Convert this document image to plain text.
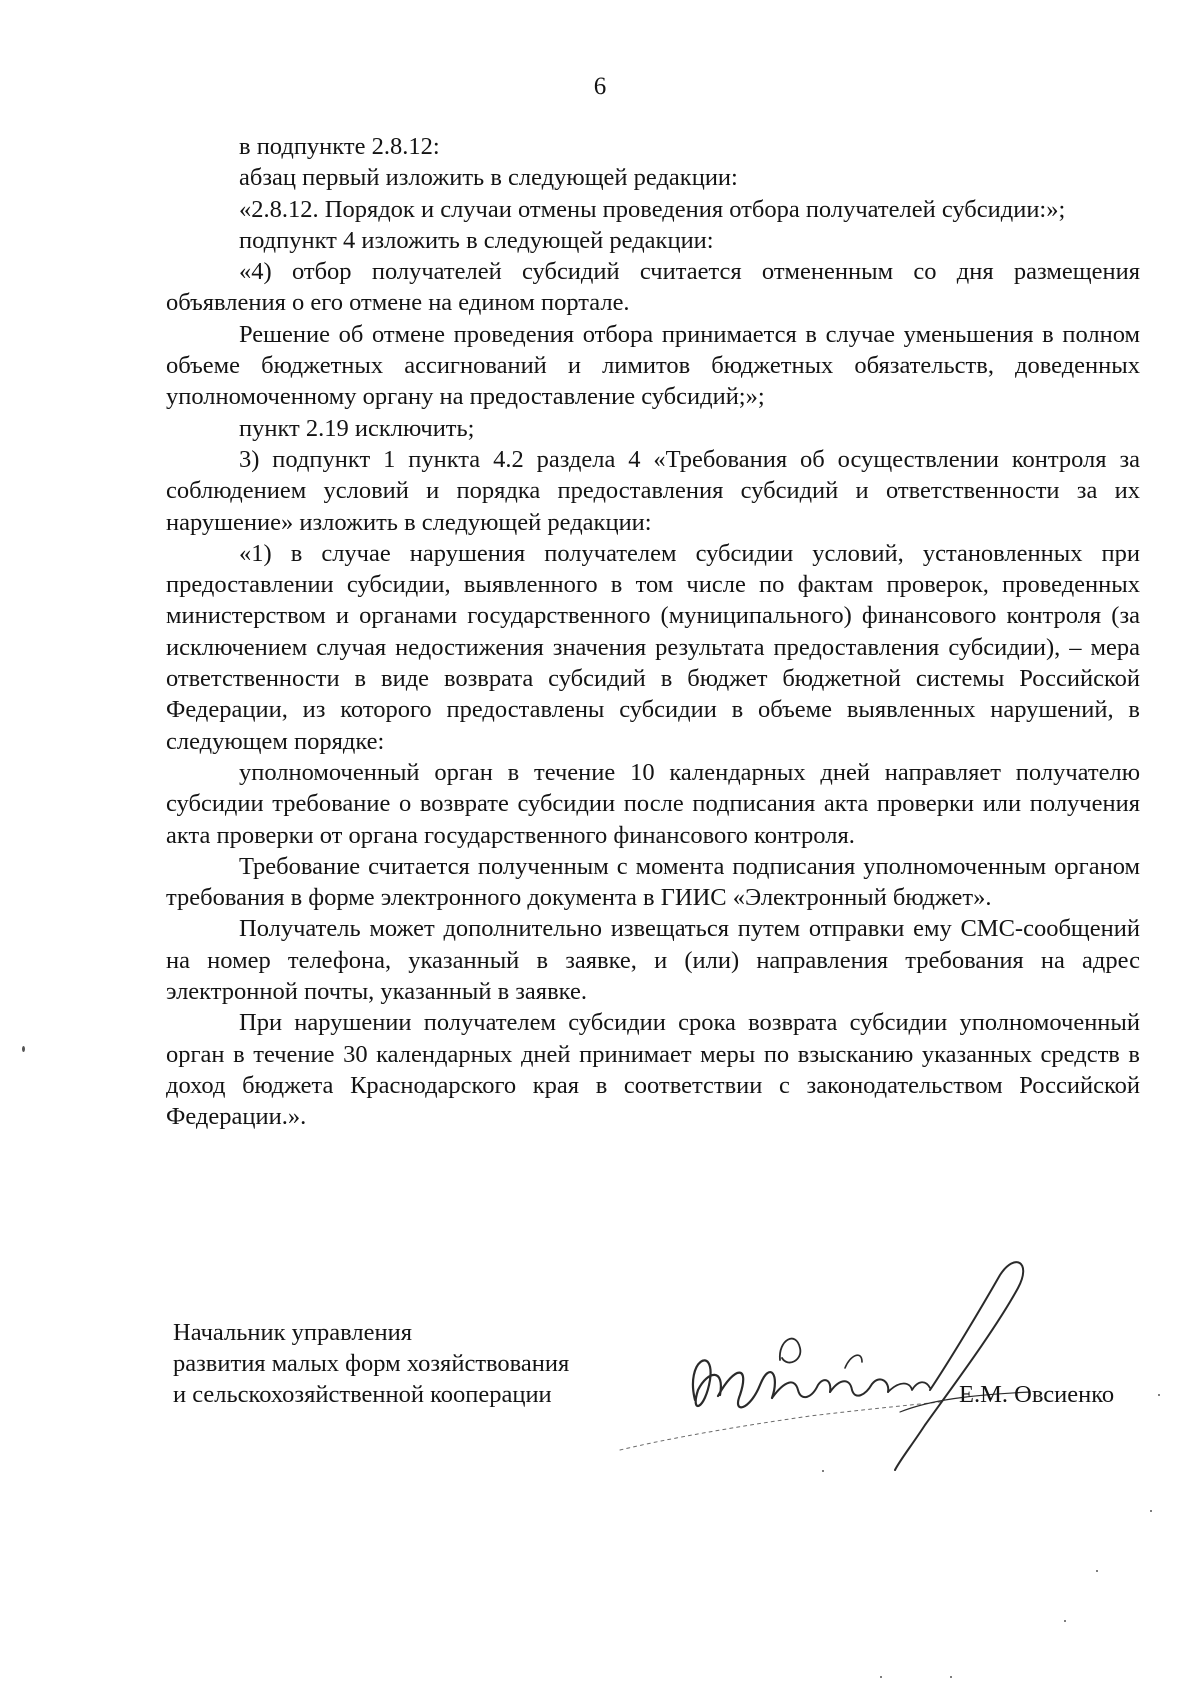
6

в подпункте 2.8.12:

абзац первый изложить в следующей редакции:

«2.8.12. Порядок и случаи отмены проведения отбора получателей субсидии:»;

подпункт 4 изложить в следующей редакции:

«4) отбор получателей субсидий считается отмененным со дня размещения объявления о его отмене на едином портале.

Решение об отмене проведения отбора принимается в случае уменьшения в полном объеме бюджетных ассигнований и лимитов бюджетных обязательств, доведенных уполномоченному органу на предоставление субсидий;»;

пункт 2.19 исключить;

3) подпункт 1 пункта 4.2 раздела 4 «Требования об осуществлении контроля за соблюдением условий и порядка предоставления субсидий и ответственности за их нарушение» изложить в следующей редакции:

«1) в случае нарушения получателем субсидии условий, установленных при предоставлении субсидии, выявленного в том числе по фактам проверок, проведенных министерством и органами государственного (муниципального) финансового контроля (за исключением случая недостижения значения результата предоставления субсидии), – мера ответственности в виде возврата субсидий в бюджет бюджетной системы Российской Федерации, из которого предоставлены субсидии в объеме выявленных нарушений, в следующем порядке:

уполномоченный орган в течение 10 календарных дней направляет получателю субсидии требование о возврате субсидии после подписания акта проверки или получения акта проверки от органа государственного финансового контроля.

Требование считается полученным с момента подписания уполномоченным органом требования в форме электронного документа в ГИИС «Электронный бюджет».

Получатель может дополнительно извещаться путем отправки ему СМС-сообщений на номер телефона, указанный в заявке, и (или) направления требования на адрес электронной почты, указанный в заявке.

При нарушении получателем субсидии срока возврата субсидии уполномоченный орган в течение 30 календарных дней принимает меры по взысканию указанных средств в доход бюджета Краснодарского края в соответствии с законодательством Российской Федерации.».

Начальник управления
развития малых форм хозяйствования
и сельскохозяйственной кооперации	Е.М. Овсиенко
